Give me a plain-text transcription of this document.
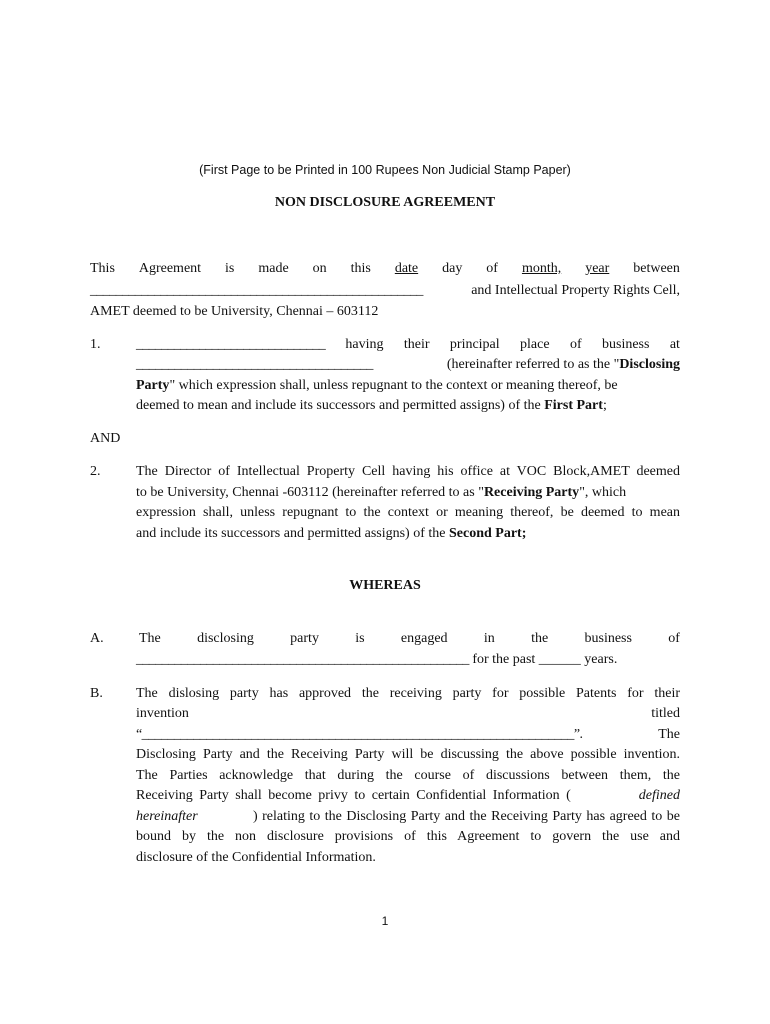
(First Page to be Printed in 100 Rupees Non Judicial Stamp Paper)
NON DISCLOSURE AGREEMENT
This Agreement is made on this date day of month, year between
____________________________________________________	and Intellectual Property Rights Cell,
AMET deemed to be University, Chennai – 603112
1.	______________________________ having their principal place of business at
_____________________________________	(hereinafter referred to as the "Disclosing
Party" which expression shall, unless repugnant to the context or meaning thereof, be
deemed to mean and include its successors and permitted assigns) of the First Part;
AND
2.	The Director of Intellectual Property Cell having his office at VOC Block,AMET deemed
to be University, Chennai -603112 (hereinafter referred to as "Receiving Party", which
expression shall, unless repugnant to the context or meaning thereof, be deemed to mean
and include its successors and permitted assigns) of the Second Part;
WHEREAS
A.	The	disclosing	party	is	engaged	in	the	business	of
____________________________________________________ for the past ______ years.
B. The dislosing party has approved the receiving party for possible Patents for their
invention	titled
“___________________________________________________________________”.	The
Disclosing Party and the Receiving Party will be discussing the above possible invention.
The Parties acknowledge that during the course of discussions between them, the
Receiving Party shall become privy to certain Confidential Information (	defined
hereinafter	) relating to the Disclosing Party and the Receiving Party has agreed to be
bound by the non disclosure provisions of this Agreement to govern the use and
disclosure of the Confidential Information.
1
